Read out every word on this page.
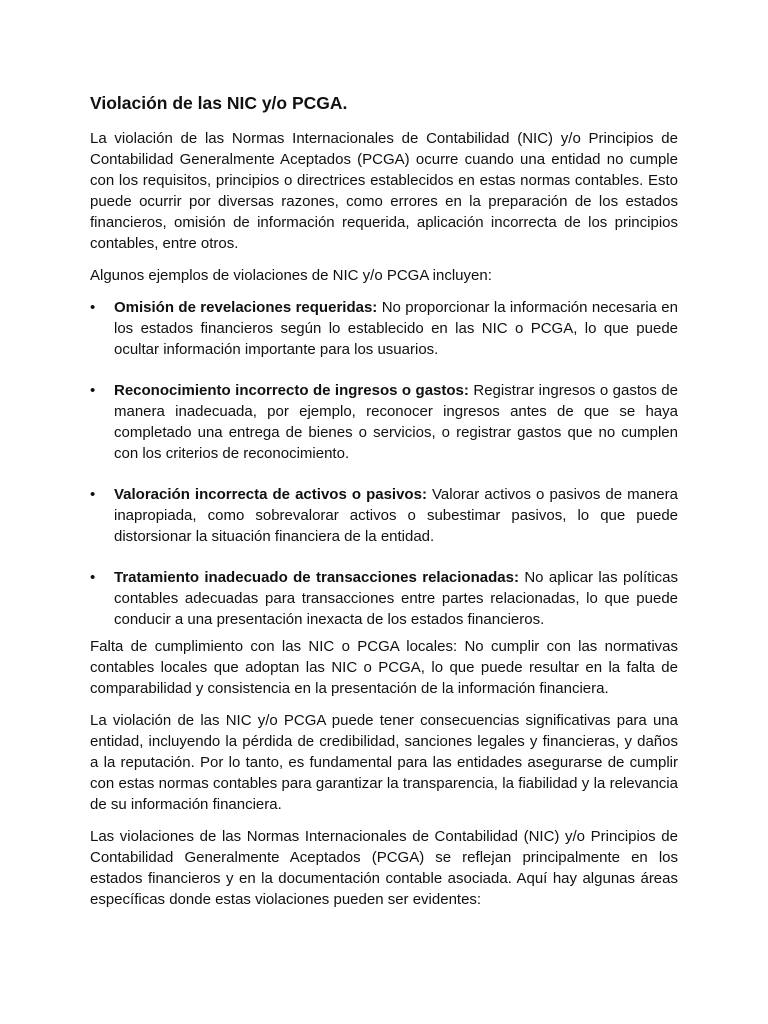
Violación de las NIC y/o PCGA.

La violación de las Normas Internacionales de Contabilidad (NIC) y/o Principios de Contabilidad Generalmente Aceptados (PCGA) ocurre cuando una entidad no cumple con los requisitos, principios o directrices establecidos en estas normas contables. Esto puede ocurrir por diversas razones, como errores en la preparación de los estados financieros, omisión de información requerida, aplicación incorrecta de los principios contables, entre otros.

Algunos ejemplos de violaciones de NIC y/o PCGA incluyen:

• Omisión de revelaciones requeridas: No proporcionar la información necesaria en los estados financieros según lo establecido en las NIC o PCGA, lo que puede ocultar información importante para los usuarios.
• Reconocimiento incorrecto de ingresos o gastos: Registrar ingresos o gastos de manera inadecuada, por ejemplo, reconocer ingresos antes de que se haya completado una entrega de bienes o servicios, o registrar gastos que no cumplen con los criterios de reconocimiento.
• Valoración incorrecta de activos o pasivos: Valorar activos o pasivos de manera inapropiada, como sobrevalorar activos o subestimar pasivos, lo que puede distorsionar la situación financiera de la entidad.
• Tratamiento inadecuado de transacciones relacionadas: No aplicar las políticas contables adecuadas para transacciones entre partes relacionadas, lo que puede conducir a una presentación inexacta de los estados financieros.

Falta de cumplimiento con las NIC o PCGA locales: No cumplir con las normativas contables locales que adoptan las NIC o PCGA, lo que puede resultar en la falta de comparabilidad y consistencia en la presentación de la información financiera.

La violación de las NIC y/o PCGA puede tener consecuencias significativas para una entidad, incluyendo la pérdida de credibilidad, sanciones legales y financieras, y daños a la reputación. Por lo tanto, es fundamental para las entidades asegurarse de cumplir con estas normas contables para garantizar la transparencia, la fiabilidad y la relevancia de su información financiera.

Las violaciones de las Normas Internacionales de Contabilidad (NIC) y/o Principios de Contabilidad Generalmente Aceptados (PCGA) se reflejan principalmente en los estados financieros y en la documentación contable asociada. Aquí hay algunas áreas específicas donde estas violaciones pueden ser evidentes:
